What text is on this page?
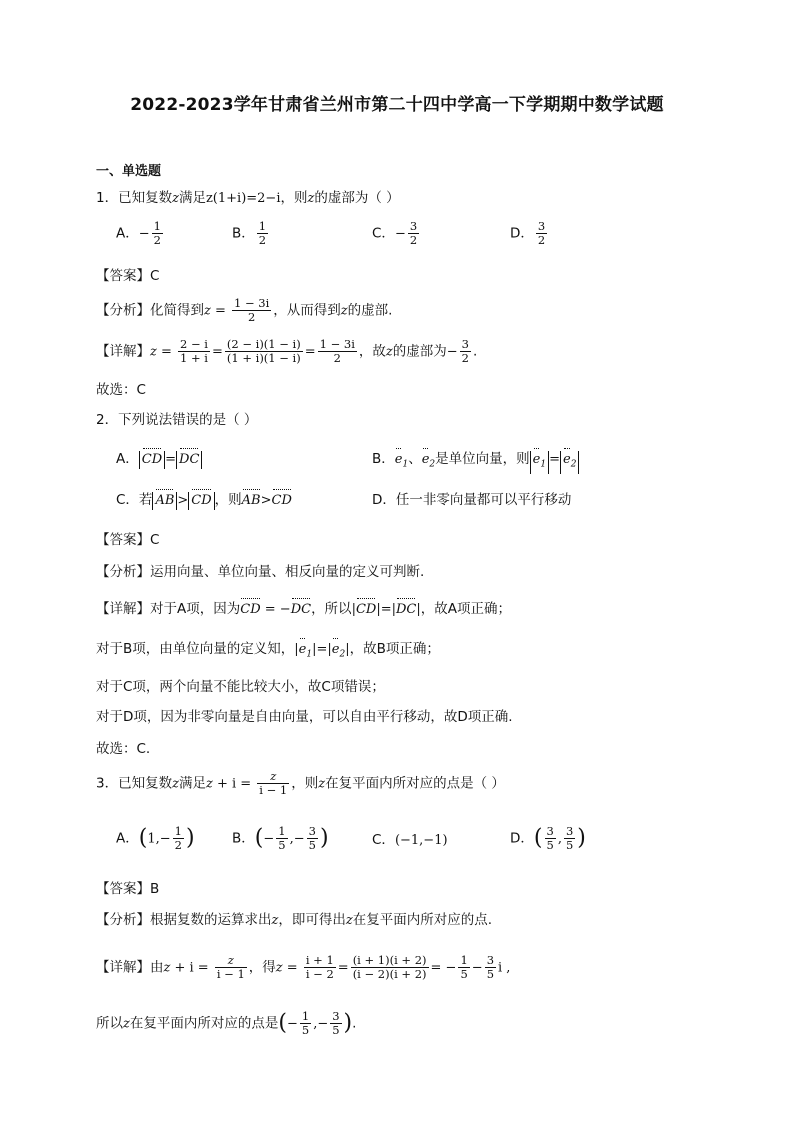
2022-2023学年甘肃省兰州市第二十四中学高一下学期期中数学试题
一、单选题
1．已知复数z满足z(1+i)=2−i，则z的虚部为（ ）
A．− $\frac{1}{2}$	B． $\frac{1}{2}$	C．− $\frac{3}{2}$	D． $\frac{3}{2}$
【答案】C
【分析】化简得到$z = \frac{1 - 3i}{2}$ ，从而得到z的虚部.
【详解】$z = \frac{2 - i}{1 + i} = \frac{(2 - i)(1 - i)}{(1 + i)(1 - i)} = \frac{1 - 3i}{2}$ ，故z的虚部为− $\frac{3}{2}$ .
故选：C
2．下列说法错误的是（ ）
A． CD = DC	B．$e_1$、$e_2$是单位向量，则 $e_1 = e_2$
C．若 AB > CD ，则AB>CD	D．任一非零向量都可以平行移动
【答案】C
【分析】运用向量、单位向量、相反向量的定义可判断.
【详解】对于A项，因为CD = −DC，所以|CD|=|DC|，故A项正确；
对于B项，由单位向量的定义知，$|e_1|=|e_2|$，故B项正确；
对于C项，两个向量不能比较大小，故C项错误；
对于D项，因为非零向量是自由向量，可以自由平行移动，故D项正确.
故选：C.
3．已知复数z满足$z + i = \frac{z}{i - 1}$ ，则z在复平面内所对应的点是（ ）
A．($1,- \frac{1}{2}$ )	B．(− $\frac{1}{5}$ ,− $\frac{3}{5}$ )	C．(−1,−1)	D．( $\frac{3}{5}$ , $\frac{3}{5}$ )
【答案】B
【分析】根据复数的运算求出z，即可得出z在复平面内所对应的点.
【详解】由$z + i = \frac{z}{i - 1}$ ，得$z = \frac{i + 1}{i - 2} = \frac{(i + 1)(i + 2)}{(i - 2)(i + 2)}$ = − $\frac{1}{5} - \frac{3}{5}$ i ,
所以z在复平面内所对应的点是(− $\frac{1}{5}$ ,− $\frac{3}{5}$ ).
